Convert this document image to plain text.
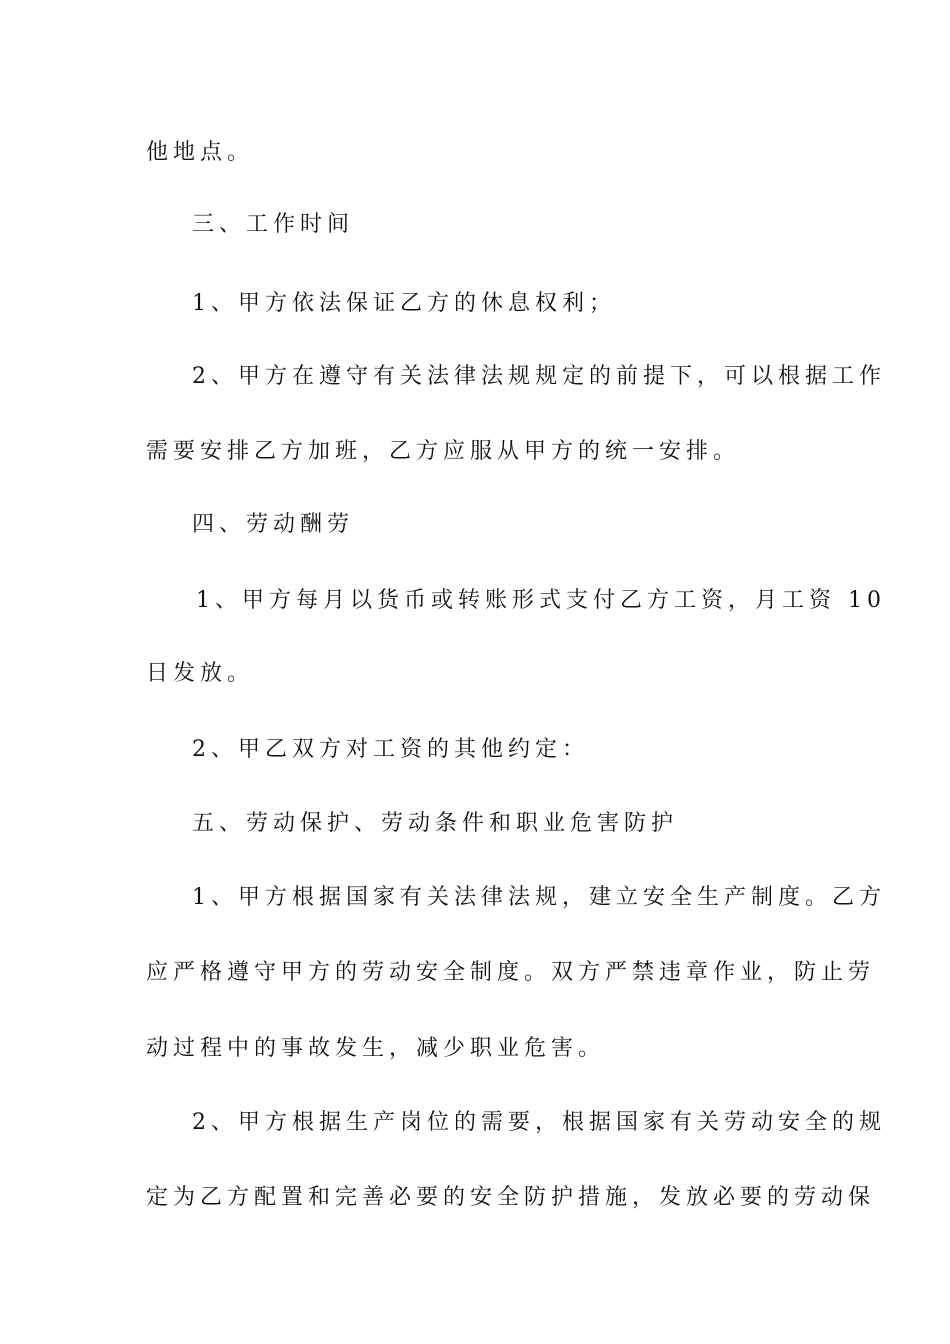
他地点。
三、工作时间
1、甲方依法保证乙方的休息权利；
2、甲方在遵守有关法律法规规定的前提下，可以根据工作
需要安排乙方加班，乙方应服从甲方的统一安排。
四、劳动酬劳
1、甲方每月以货币或转账形式支付乙方工资，月工资 10
日发放。
2、甲乙双方对工资的其他约定：
五、劳动保护、劳动条件和职业危害防护
1、甲方根据国家有关法律法规，建立安全生产制度。乙方
应严格遵守甲方的劳动安全制度。双方严禁违章作业，防止劳
动过程中的事故发生，减少职业危害。
2、甲方根据生产岗位的需要，根据国家有关劳动安全的规
定为乙方配置和完善必要的安全防护措施，发放必要的劳动保
